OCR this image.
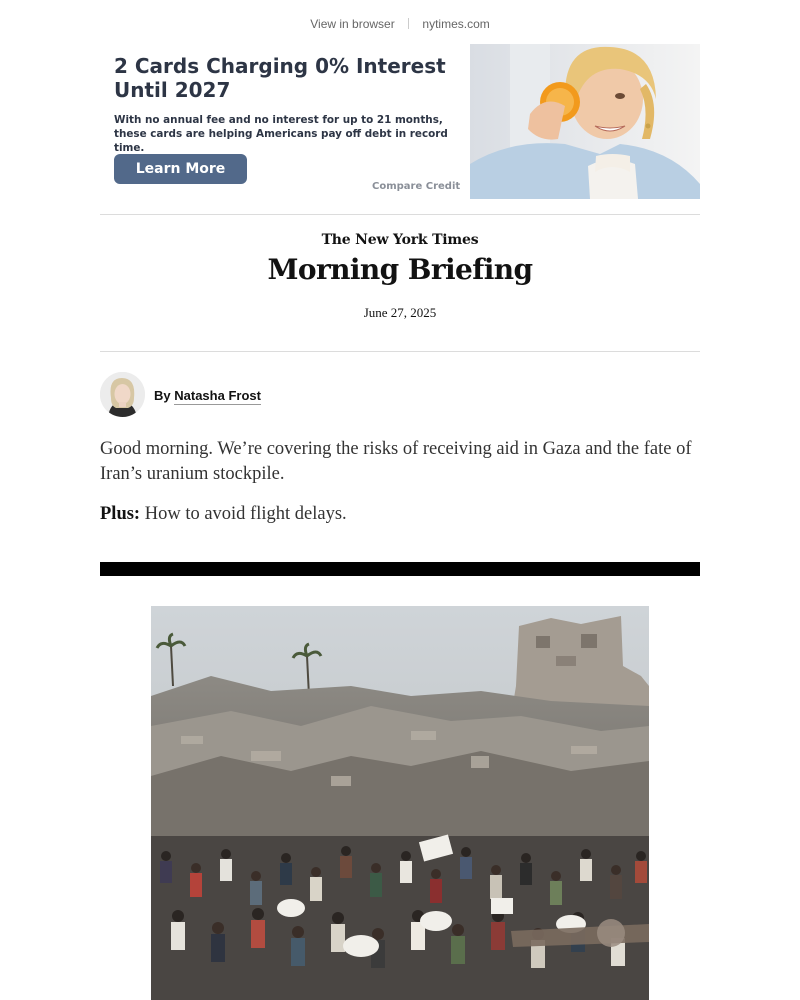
View in browser nytimes.com
2 Cards Charging 0% Interest Until 2027
With no annual fee and no interest for up to 21 months, these cards are helping Americans pay off debt in record time.
Learn More
Compare Credit
The New York Times
Morning Briefing
June 27, 2025
By Natasha Frost

Good morning. We’re covering the risks of receiving aid in Gaza and the fate of Iran’s uranium stockpile.

Plus: How to avoid flight delays.
